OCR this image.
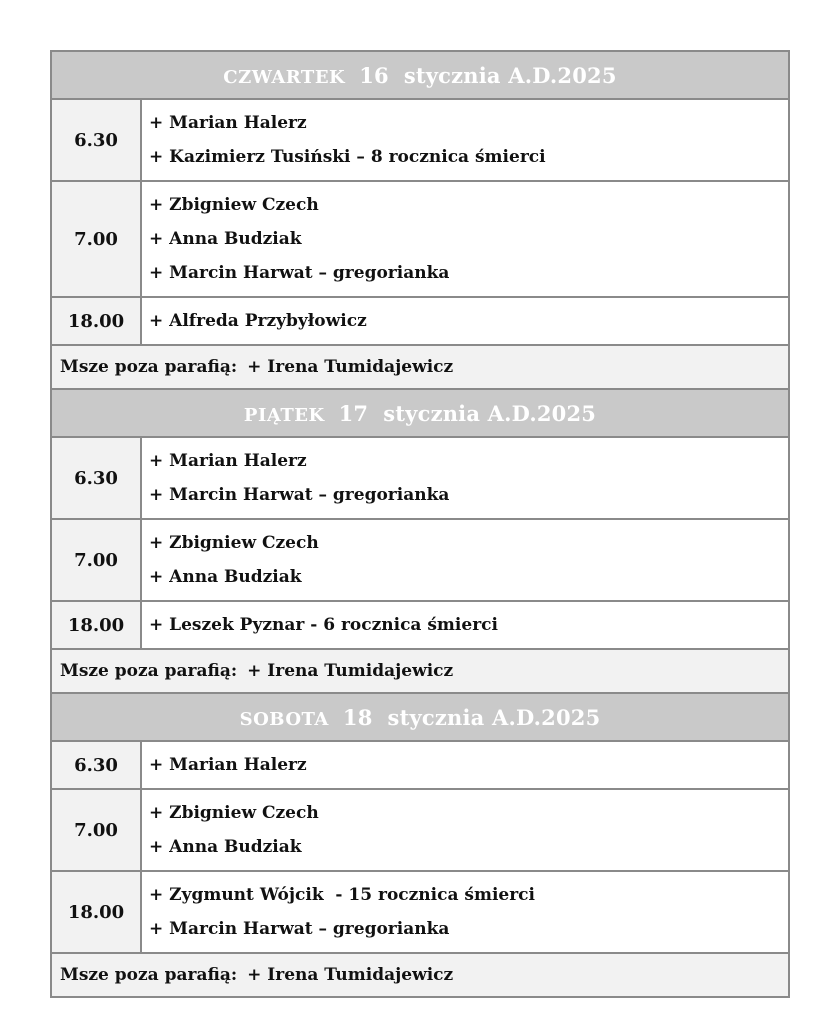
CZWARTEK 16  stycznia A.D.2025	
6.30	+ Marian Halerz
+ Kazimierz Tusiński – 8 rocznica śmierci

7.00	+ Zbigniew Czech
+ Anna Budziak
+ Marcin Harwat – gregorianka

18.00	+ Alfreda Przybyłowicz

Msze poza parafią: + Irena Tumidajewicz	
PIĄTEK 17  stycznia A.D.2025	
6.30	+ Marian Halerz
+ Marcin Harwat – gregorianka

7.00	+ Zbigniew Czech
+ Anna Budziak

18.00	+ Leszek Pyznar - 6 rocznica śmierci

Msze poza parafią: + Irena Tumidajewicz	
SOBOTA 18  stycznia A.D.2025	
6.30	+ Marian Halerz

7.00	+ Zbigniew Czech
+ Anna Budziak

18.00	+ Zygmunt Wójcik  - 15 rocznica śmierci
+ Marcin Harwat – gregorianka

Msze poza parafią: + Irena Tumidajewicz	
